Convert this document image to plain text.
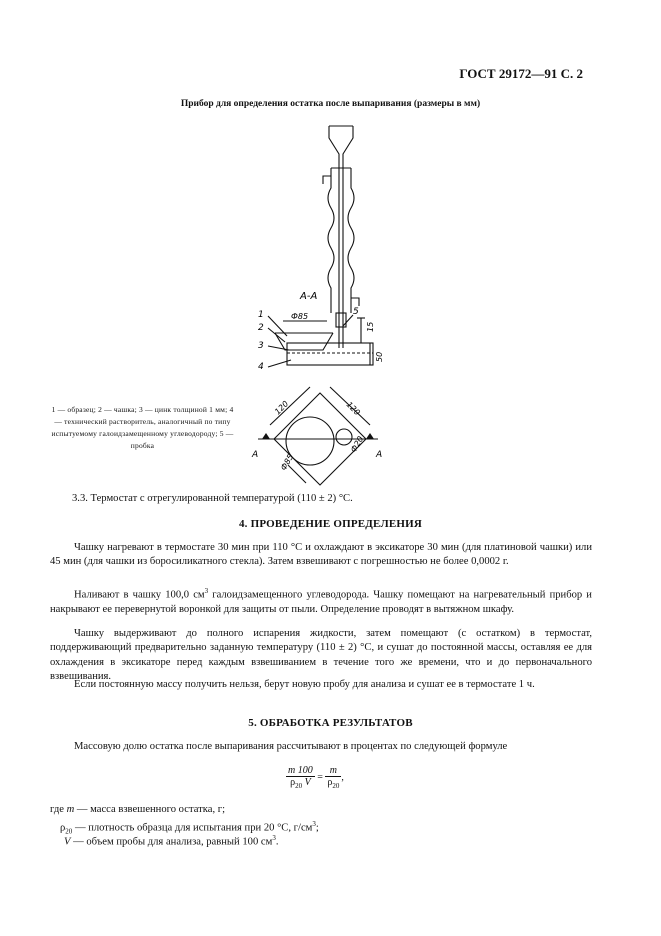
ГОСТ 29172—91 С. 2
Прибор для определения остатка после выпаривания (размеры в мм)
А-А
Ф85
15
50
1
2
3
4
5
120	120
Ф85
Ф20
А	А
1 — образец; 2 — чашка; 3 — цинк толщиной 1 мм; 4 — технический растворитель, аналогичный по типу испытуемому галоидзамещенному углеводороду; 5 — пробка
3.3. Термостат с отрегулированной температурой (110 ± 2) °С.
4. ПРОВЕДЕНИЕ ОПРЕДЕЛЕНИЯ
Чашку нагревают в термостате 30 мин при 110 °С и охлаждают в эксикаторе 30 мин (для платиновой чашки) или 45 мин (для чашки из боросиликатного стекла). Затем взвешивают с погрешностью не более 0,0002 г.
Наливают в чашку 100,0 $см^3$ галоидзамещенного углеводорода. Чашку помещают на нагревательный прибор и накрывают ее перевернутой воронкой для защиты от пыли. Определение проводят в вытяжном шкафу.
Чашку выдерживают до полного испарения жидкости, затем помещают (с остатком) в термостат, поддерживающий предварительно заданную температуру (110 ± 2) °С, и сушат до постоянной массы, оставляя ее для охлаждения в эксикаторе перед каждым взвешиванием в течение того же времени, что и до первоначального взвешивания.
Если постоянную массу получить нельзя, берут новую пробу для анализа и сушат ее в термостате 1 ч.
5. ОБРАБОТКА РЕЗУЛЬТАТОВ
Массовую долю остатка после выпаривания рассчитывают в процентах по следующей формуле
$\frac{m 100}{\rho_{20} V} = \frac{m}{\rho_{20}}$ ,
где m — масса взвешенного остатка, г;
$\rho_{20}$ — плотность образца для испытания при 20 °С, $г/см^3$;
V — объем пробы для анализа, равный 100 $см^3$.
